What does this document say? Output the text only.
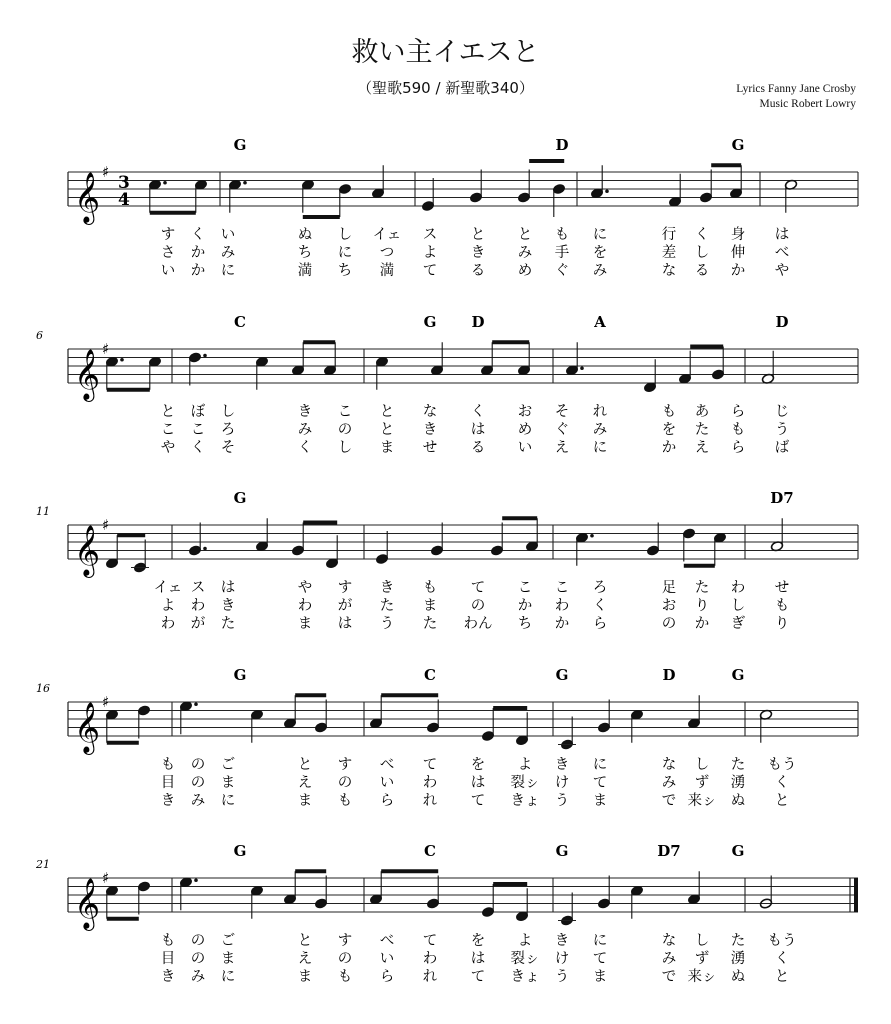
救い主イエスと
（聖歌590 / 新聖歌340）	Lyrics Fanny Jane Crosby
Music Robert Lowry
𝄞 ♯
3
4
G	D	G
す く い	ぬ し イェ ス と と も に	行 く 身 は
さ か み	ち に つ よ き み 手 を	差 し 伸 べ
い か に	満 ち 満 て る め ぐ み	な る か や
𝄞 ♯
6
C	G D	A	D
と ぼ し	き こ と な く お そ れ	も あ ら じ
こ こ ろ	み の と き は め ぐ み	を た も う
や く そ	く し ま せ る い え に	か え ら ば
𝄞 ♯
11
G	D7
イェ ス は	や す き も て こ こ ろ	足 た わ せ
よ わ き	わ が た ま の か わ く	お り し も
わ が た	ま は う た わん ち か ら	の か ぎ り
𝄞 ♯
16
G	C	G	D	G
も の ご	と す べ て を よ き に	な し た もう
目 の ま	え の い わ は 裂ㇱ け て	み ず 湧 く
き み に	ま も ら れ て きょ う ま	で 来ㇱ ぬ と
𝄞 ♯
21
G	C	G	D7	G
も の ご	と す べ て を よ き に	な し た もう
目 の ま	え の い わ は 裂ㇱ け て	み ず 湧 く
き み に	ま も ら れ て きょ う ま	で 来ㇱ ぬ と
